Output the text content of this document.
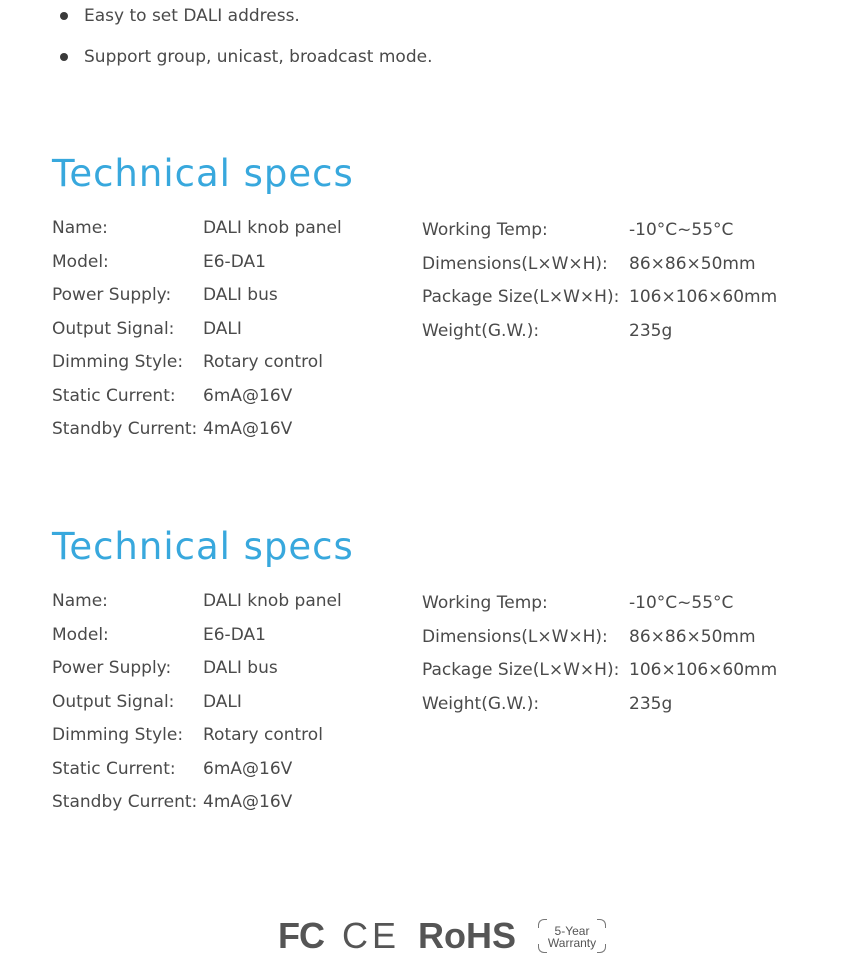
Easy to set DALI address.
Support group, unicast, broadcast mode.
Technical specs
Name:	DALI knob panel
Model:	E6-DA1
Power Supply: DALI bus
Output Signal: DALI
Dimming Style: Rotary control
Static Current: 6mA@16V
Standby Current: 4mA@16V
Working Temp:	-10°C~55°C
Dimensions(L×W×H): 86×86×50mm
Package Size(L×W×H): 106×106×60mm
Weight(G.W.):	235g
Technical specs
Name:	DALI knob panel
Model:	E6-DA1
Power Supply: DALI bus
Output Signal: DALI
Dimming Style: Rotary control
Static Current: 6mA@16V
Standby Current: 4mA@16V
Working Temp:	-10°C~55°C
Dimensions(L×W×H): 86×86×50mm
Package Size(L×W×H): 106×106×60mm
Weight(G.W.):	235g
FC CE RoHS	5-Year
Warranty
